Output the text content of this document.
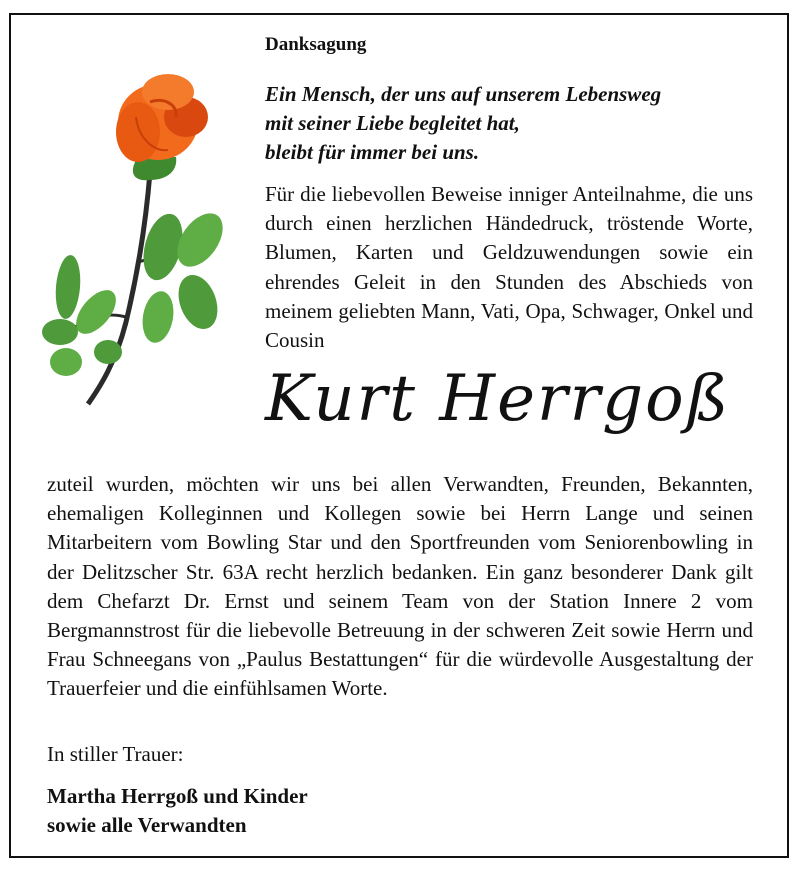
Danksagung
Ein Mensch, der uns auf unserem Lebensweg
mit seiner Liebe begleitet hat,
bleibt für immer bei uns.
Für die liebevollen Beweise inniger Anteilnahme, die uns durch einen herzlichen Händedruck, tröstende Worte, Blumen, Karten und Geldzuwendungen sowie ein ehrendes Geleit in den Stunden des Abschieds von meinem geliebten Mann, Vati, Opa, Schwager, Onkel und Cousin
Kurt Herrgoß
zuteil wurden, möchten wir uns bei allen Verwandten, Freunden, Bekannten, ehemaligen Kolleginnen und Kollegen sowie bei Herrn Lange und seinen Mitarbeitern vom Bowling Star und den Sportfreunden vom Seniorenbowling in der Delitzscher Str. 63A recht herzlich bedanken. Ein ganz besonderer Dank gilt dem Chefarzt Dr. Ernst und seinem Team von der Station Innere 2 vom Bergmannstrost für die liebevolle Betreuung in der schweren Zeit sowie Herrn und Frau Schneegans von „Paulus Bestattungen“ für die würdevolle Ausgestaltung der Trauerfeier und die einfühlsamen Worte.
In stiller Trauer:
Martha Herrgoß und Kinder
sowie alle Verwandten
